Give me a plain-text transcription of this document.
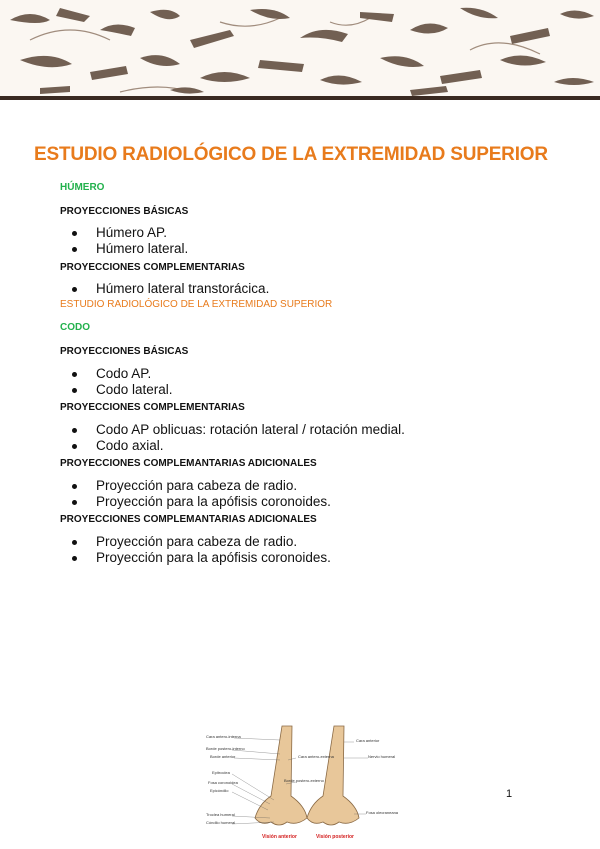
ESTUDIO RADIOLÓGICO DE LA EXTREMIDAD SUPERIOR
HÚMERO
PROYECCIONES BÁSICAS
Húmero AP.
Húmero lateral.
PROYECCIONES COMPLEMENTARIAS
Húmero lateral transtorácica.
ESTUDIO RADIOLÓGICO DE LA EXTREMIDAD SUPERIOR
CODO
PROYECCIONES BÁSICAS
Codo AP.
Codo lateral.
PROYECCIONES COMPLEMENTARIAS
Codo AP oblicuas: rotación lateral / rotación medial.
Codo axial.
PROYECCIONES COMPLEMANTARIAS ADICIONALES
Proyección para cabeza de radio.
Proyección para la apófisis coronoides.
PROYECCIONES COMPLEMANTARIAS ADICIONALES
Proyección para cabeza de radio.
Proyección para la apófisis coronoides.
Cara antero-interna
Borde postero-interno
Borde anterior
Epitroclea
Fosa coronoidea
Epicóndilo
Troclea humeral
Cóndilo humeral
Cara antero-externa
Borde postero-externo
Cara anterior
Nervio humeral
Fosa olecraneana
Visión anterior	Visión posterior
1
